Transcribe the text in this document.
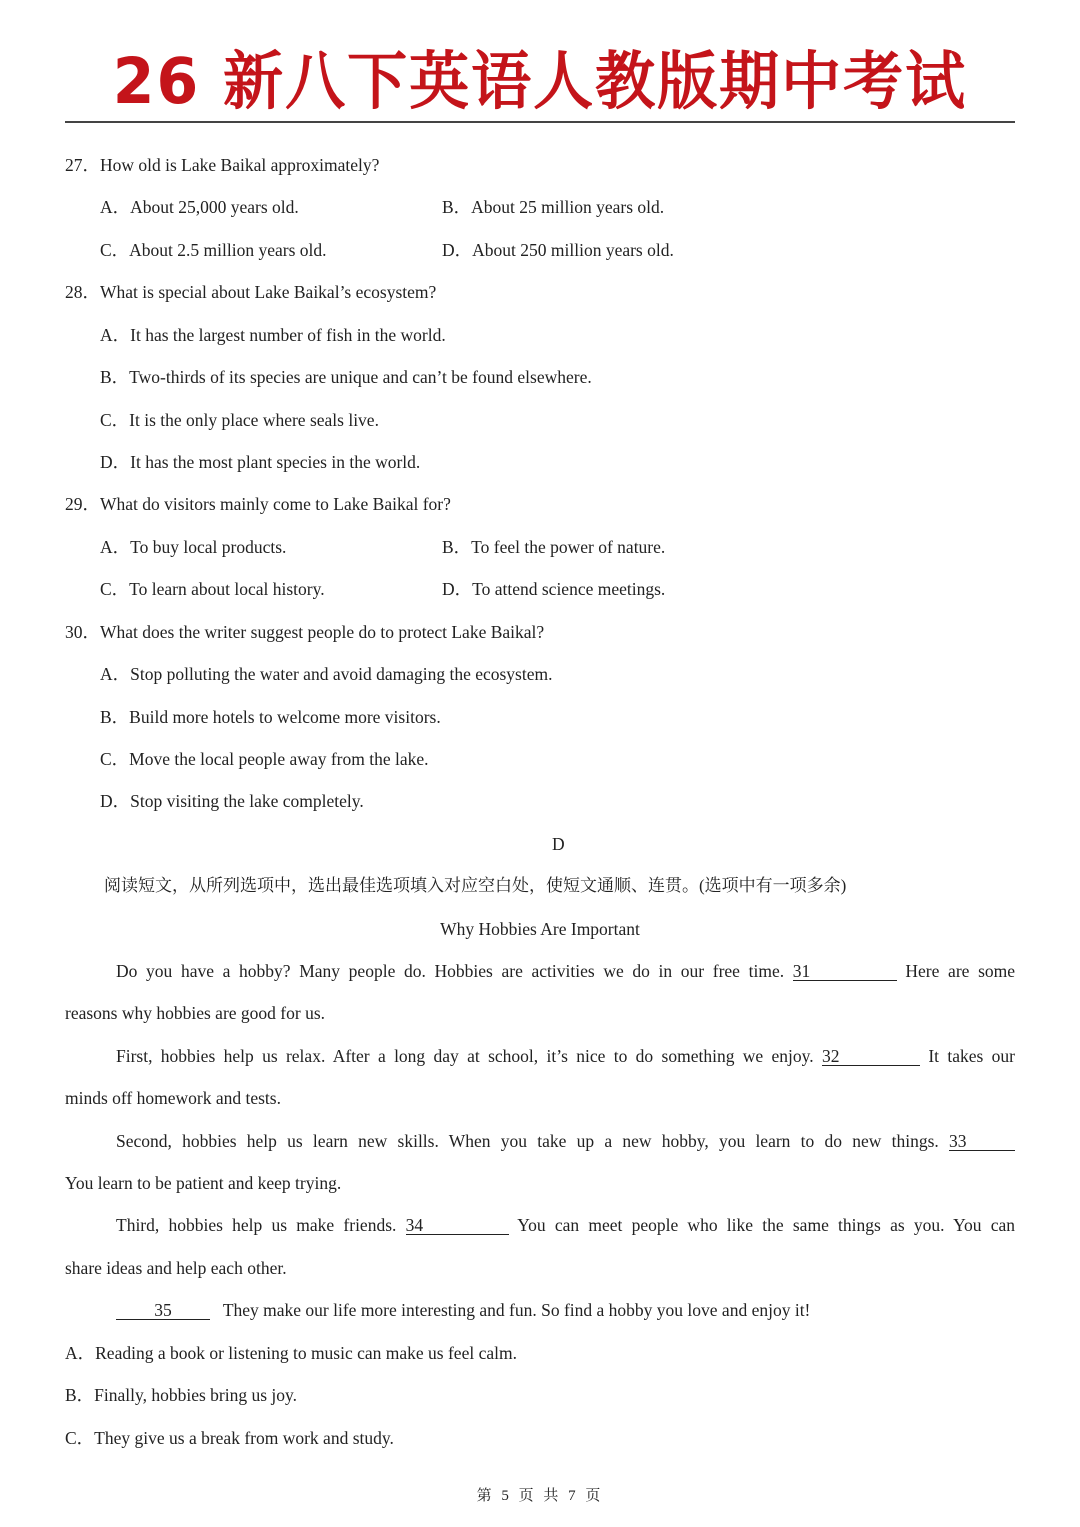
26 新八下英语人教版期中考试
27．How old is Lake Baikal approximately?
A．About 25,000 years old.	B．About 25 million years old.
C．About 2.5 million years old.	D．About 250 million years old.
28．What is special about Lake Baikal’s ecosystem?
A．It has the largest number of fish in the world.
B．Two-thirds of its species are unique and can’t be found elsewhere.
C．It is the only place where seals live.
D．It has the most plant species in the world.
29．What do visitors mainly come to Lake Baikal for?
A．To buy local products.	B．To feel the power of nature.
C．To learn about local history.	D．To attend science meetings.
30．What does the writer suggest people do to protect Lake Baikal?
A．Stop polluting the water and avoid damaging the ecosystem.
B．Build more hotels to welcome more visitors.
C．Move the local people away from the lake.
D．Stop visiting the lake completely.
D
阅读短文，从所列选项中，选出最佳选项填入对应空白处，使短文通顺、连贯。(选项中有一项多余)
Why Hobbies Are Important
Do you have a hobby? Many people do. Hobbies are activities we do in our free time. 31	Here are some
reasons why hobbies are good for us.
First, hobbies help us relax. After a long day at school, it’s nice to do something we enjoy. 32	It takes our
minds off homework and tests.
Second, hobbies help us learn new skills. When you take up a new hobby, you learn to do new things. 33
You learn to be patient and keep trying.
Third, hobbies help us make friends. 34	You can meet people who like the same things as you. You can
share ideas and help each other.
35	They make our life more interesting and fun. So find a hobby you love and enjoy it!
A．Reading a book or listening to music can make us feel calm.
B．Finally, hobbies bring us joy.
C．They give us a break from work and study.
第 5 页 共 7 页
